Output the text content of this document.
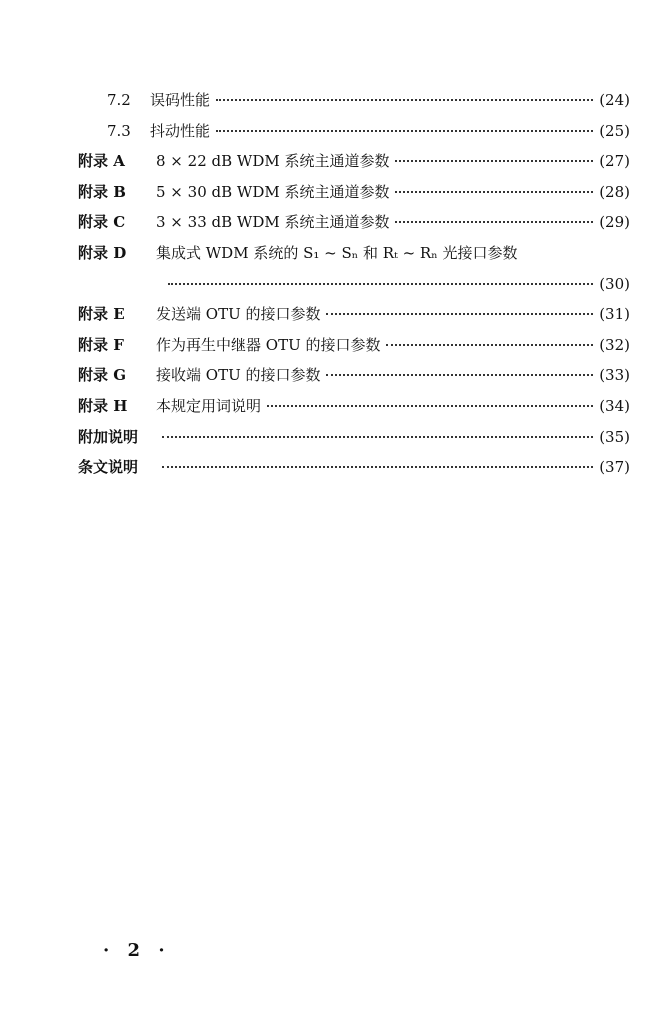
7.2	误码性能	(24)
7.3	抖动性能	(25)
附录 A	8 × 22 dB WDM 系统主通道参数	(27)
附录 B	5 × 30 dB WDM 系统主通道参数	(28)
附录 C	3 × 33 dB WDM 系统主通道参数	(29)
附录 D	集成式 WDM 系统的 S₁ ~ Sₙ 和 Rₜ ~ Rₙ 光接口参数
(30)
附录 E	发送端 OTU 的接口参数	(31)
附录 F	作为再生中继器 OTU 的接口参数	(32)
附录 G	接收端 OTU 的接口参数	(33)
附录 H	本规定用词说明	(34)
附加说明	(35)
条文说明	(37)
· 2 ·
